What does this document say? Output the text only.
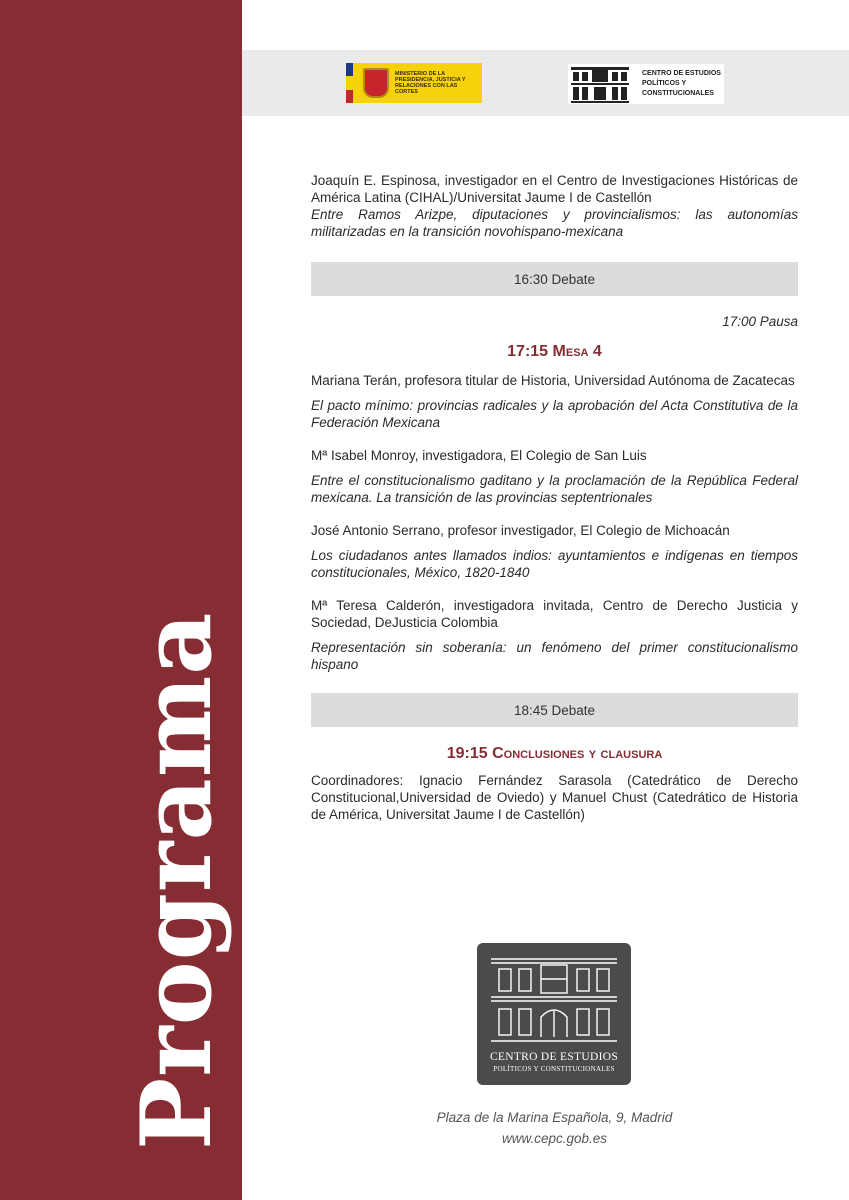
Programa
MINISTERIO DE LA PRESIDENCIA, JUSTICIA Y RELACIONES CON LAS CORTES
CENTRO DE ESTUDIOS
POLÍTICOS Y
CONSTITUCIONALES

Joaquín E. Espinosa, investigador en el Centro de Investigaciones Históricas de América Latina (CIHAL)/Universitat Jaume I de Castellón

Entre Ramos Arizpe, diputaciones y provincialismos: las autonomías militarizadas en la transición novohispano-mexicana

16:30 Debate
17:00 Pausa
17:15 Mesa 4

Mariana Terán, profesora titular de Historia, Universidad Autónoma de Zacatecas

El pacto mínimo: provincias radicales y la aprobación del Acta Constitutiva de la Federación Mexicana

Mª Isabel Monroy, investigadora, El Colegio de San Luis

Entre el constitucionalismo gaditano y la proclamación de la República Federal mexicana. La transición de las provincias septentrionales

José Antonio Serrano, profesor investigador, El Colegio de Michoacán

Los ciudadanos antes llamados indios: ayuntamientos e indígenas en tiempos constitucionales, México, 1820-1840

Mª Teresa Calderón, investigadora invitada, Centro de Derecho Justicia y Sociedad, DeJusticia Colombia

Representación sin soberanía: un fenómeno del primer constitucionalismo hispano

18:45 Debate
19:15 Conclusiones y clausura

Coordinadores: Ignacio Fernández Sarasola (Catedrático de Derecho Constitucional,Universidad de Oviedo) y Manuel Chust (Catedrático de Historia de América, Universitat Jaume I de Castellón)

CENTRO DE ESTUDIOS
POLÍTICOS Y CONSTITUCIONALES
Plaza de la Marina Española, 9, Madrid
www.cepc.gob.es
